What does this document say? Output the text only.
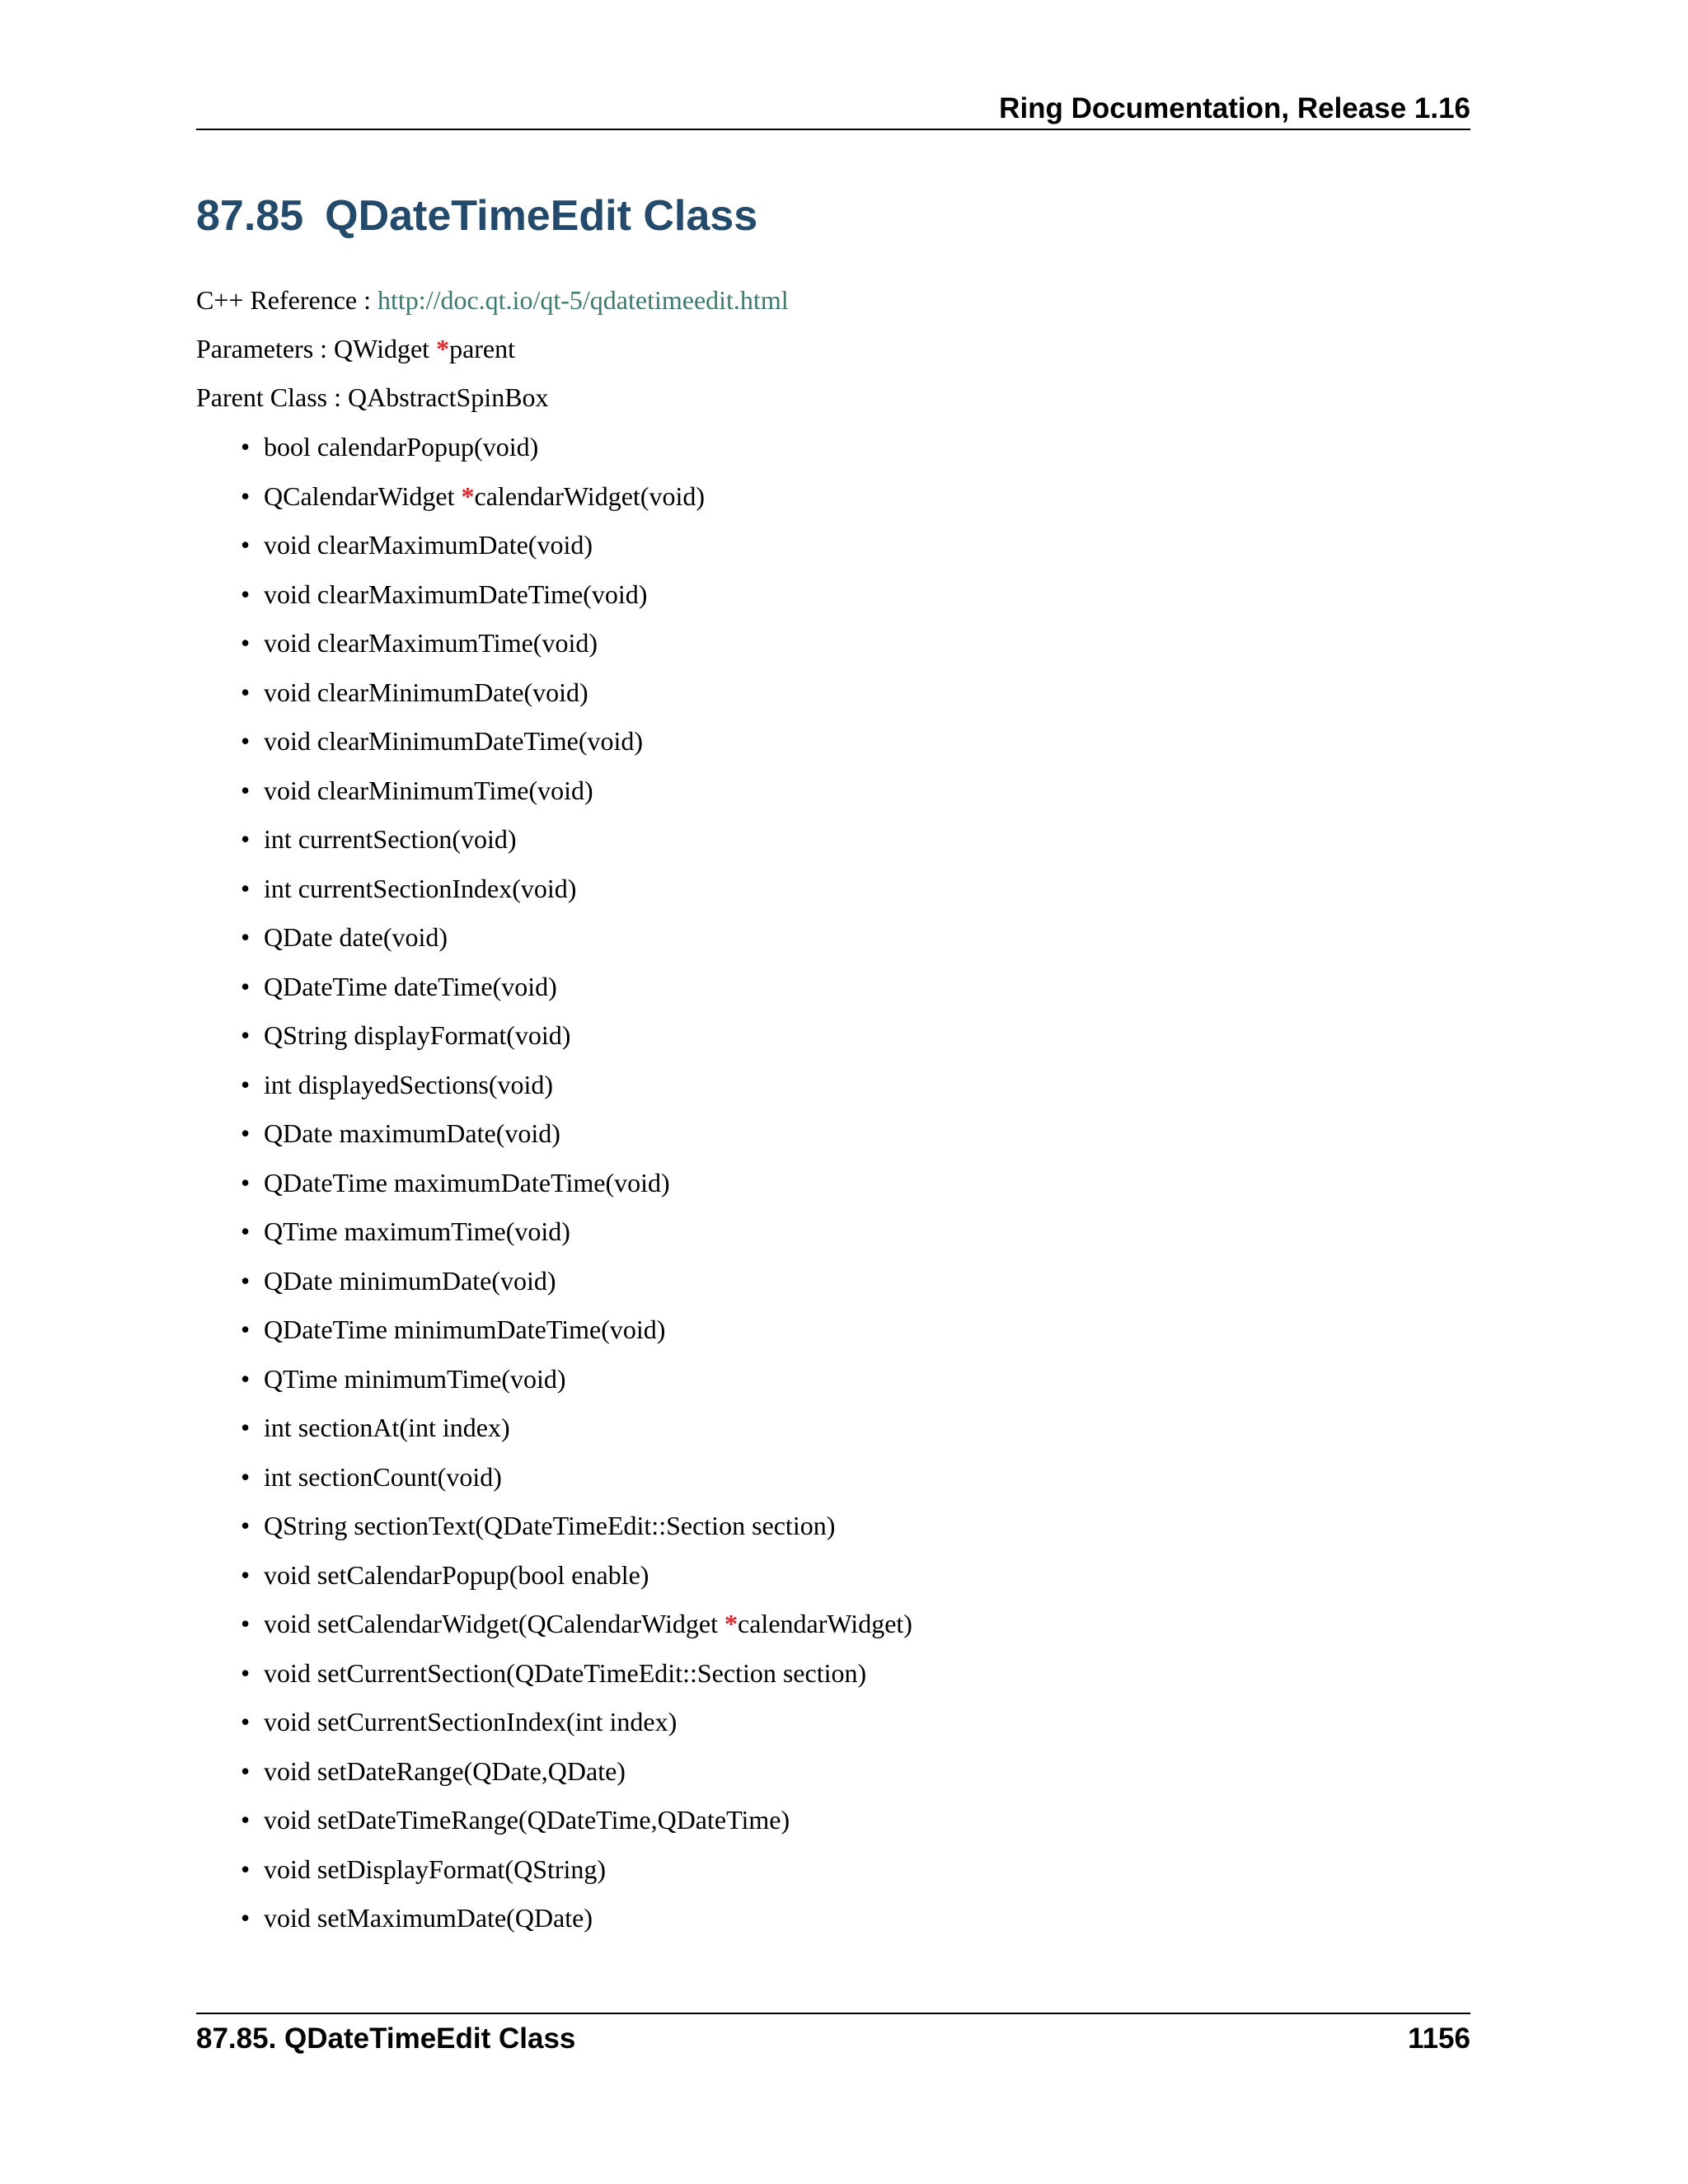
Ring Documentation, Release 1.16
87.85 QDateTimeEdit Class
C++ Reference : http://doc.qt.io/qt-5/qdatetimeedit.html
Parameters : QWidget *parent
Parent Class : QAbstractSpinBox
• bool calendarPopup(void)
• QCalendarWidget *calendarWidget(void)
• void clearMaximumDate(void)
• void clearMaximumDateTime(void)
• void clearMaximumTime(void)
• void clearMinimumDate(void)
• void clearMinimumDateTime(void)
• void clearMinimumTime(void)
• int currentSection(void)
• int currentSectionIndex(void)
• QDate date(void)
• QDateTime dateTime(void)
• QString displayFormat(void)
• int displayedSections(void)
• QDate maximumDate(void)
• QDateTime maximumDateTime(void)
• QTime maximumTime(void)
• QDate minimumDate(void)
• QDateTime minimumDateTime(void)
• QTime minimumTime(void)
• int sectionAt(int index)
• int sectionCount(void)
• QString sectionText(QDateTimeEdit::Section section)
• void setCalendarPopup(bool enable)
• void setCalendarWidget(QCalendarWidget *calendarWidget)
• void setCurrentSection(QDateTimeEdit::Section section)
• void setCurrentSectionIndex(int index)
• void setDateRange(QDate,QDate)
• void setDateTimeRange(QDateTime,QDateTime)
• void setDisplayFormat(QString)
• void setMaximumDate(QDate)
87.85. QDateTimeEdit Class	1156
